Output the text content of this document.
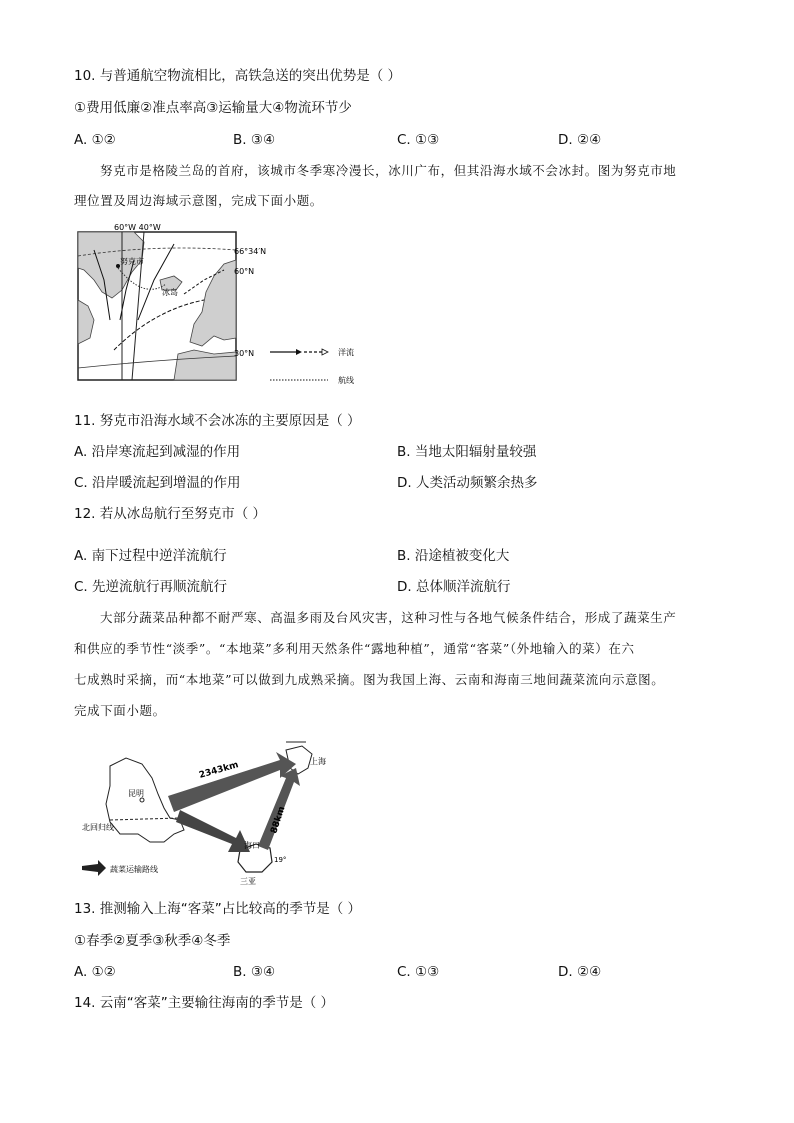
10. 与普通航空物流相比，高铁急送的突出优势是（ ）
①费用低廉②准点率高③运输量大④物流环节少
A. ①②	B. ③④	C. ①③	D. ②④
努克市是格陵兰岛的首府，该城市冬季寒冷漫长，冰川广布，但其沿海水域不会冰封。图为努克市地
理位置及周边海域示意图，完成下面小题。
努克市
冰岛
60°W 40°W
66°34′N
60°N
30°N	洋流
航线
11. 努克市沿海水域不会冰冻的主要原因是（ ）
A. 沿岸寒流起到减湿的作用	B. 当地太阳辐射量较强
C. 沿岸暖流起到增温的作用	D. 人类活动频繁余热多
12. 若从冰岛航行至努克市（ ）
A. 南下过程中逆洋流航行	B. 沿途植被变化大
C. 先逆流航行再顺流航行	D. 总体顺洋流航行
大部分蔬菜品种都不耐严寒、高温多雨及台风灾害，这种习性与各地气候条件结合，形成了蔬菜生产
和供应的季节性“淡季”。“本地菜”多利用天然条件“露地种植”，通常“客菜”（外地输入的菜）在六
七成熟时采摘，而“本地菜”可以做到九成熟采摘。图为我国上海、云南和海南三地间蔬菜流向示意图。
完成下面小题。
昆明
北回归线
2343km
88km
上海
海口
19°
三亚
蔬菜运输路线
13. 推测输入上海“客菜”占比较高的季节是（ ）
①春季②夏季③秋季④冬季
A. ①②	B. ③④	C. ①③	D. ②④
14. 云南“客菜”主要输往海南的季节是（ ）
